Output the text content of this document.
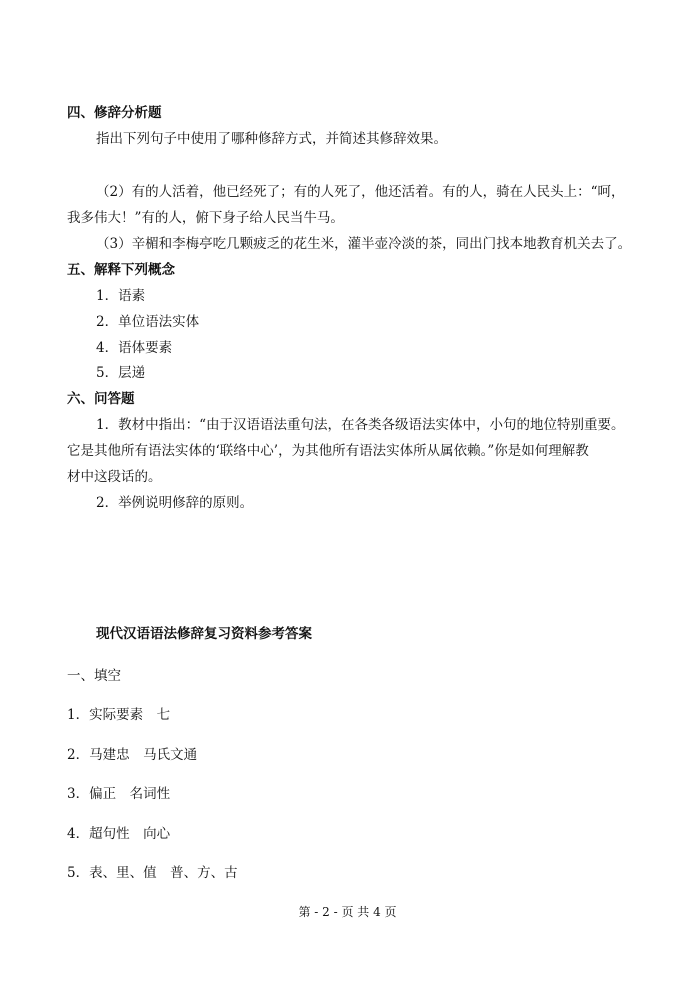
四、修辞分析题
指出下列句子中使用了哪种修辞方式，并简述其修辞效果。
（2）有的人活着，他已经死了；有的人死了，他还活着。有的人，骑在人民头上：“呵，
我多伟大！”有的人，俯下身子给人民当牛马。
（3）辛楣和李梅亭吃几颗疲乏的花生米，灌半壶冷淡的茶，同出门找本地教育机关去了。
五、解释下列概念
1．语素
2．单位语法实体
4．语体要素
5．层递
六、问答题
1．教材中指出：“由于汉语语法重句法，在各类各级语法实体中，小句的地位特别重要。
它是其他所有语法实体的‘联络中心’，为其他所有语法实体所从属依赖。”你是如何理解教
材中这段话的。
2．举例说明修辞的原则。
现代汉语语法修辞复习资料参考答案
一、填空
1．实际要素　七
2．马建忠　马氏文通
3．偏正　名词性
4．超句性　向心
5．表、里、值　普、方、古
第 - 2 - 页 共 4 页
